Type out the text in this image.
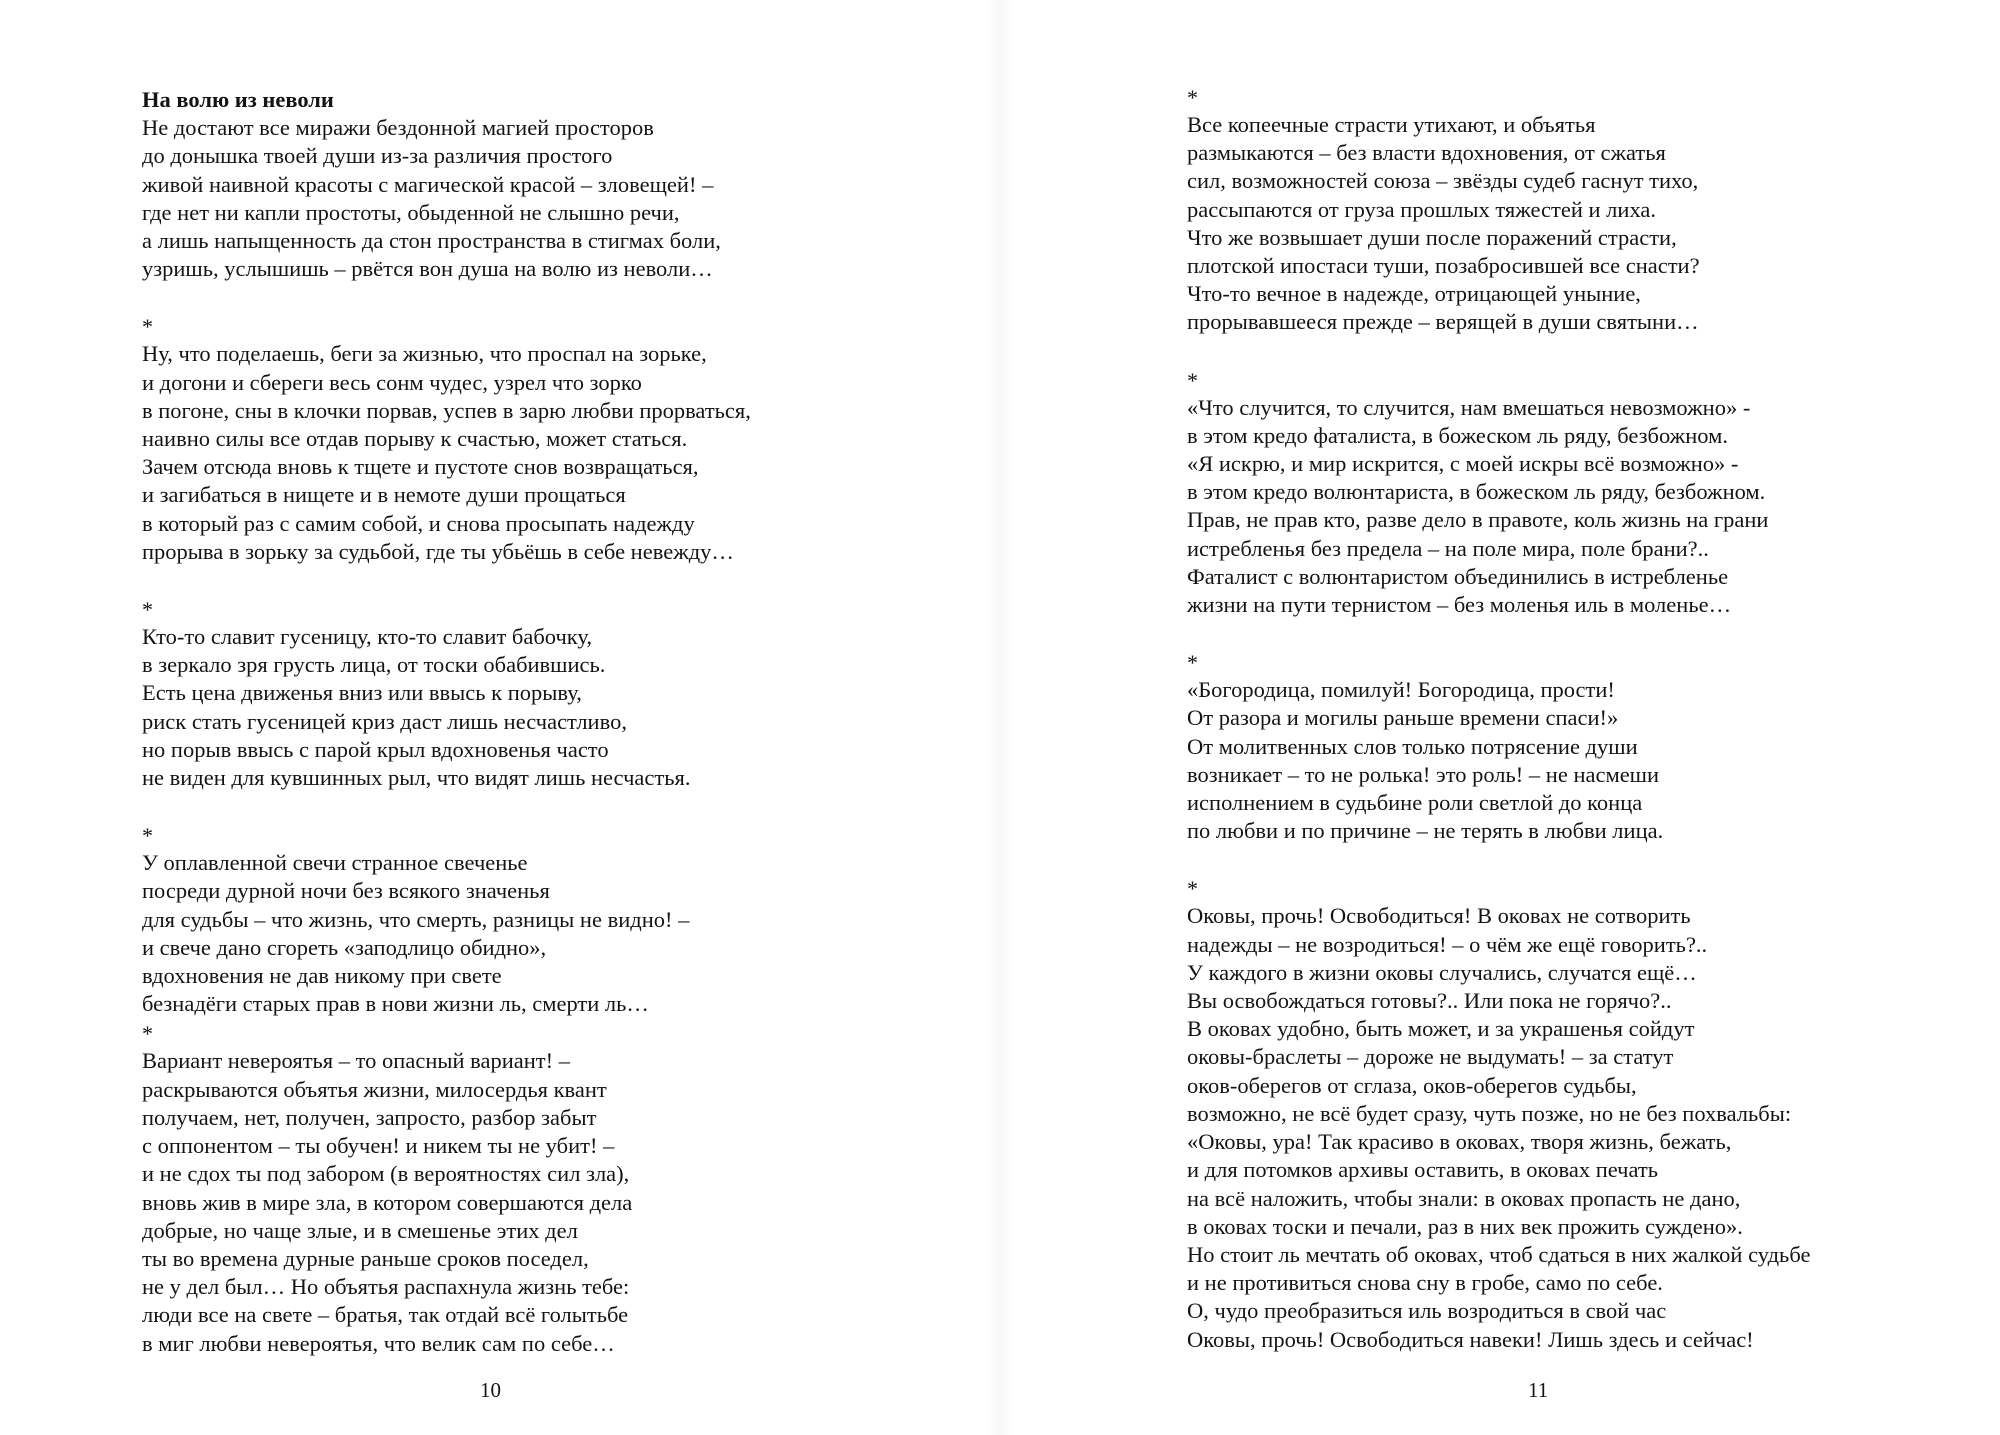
На волю из неволи
Не достают все миражи бездонной магией просторов
до донышка твоей души из-за различия простого
живой наивной красоты с магической красой – зловещей! –
где нет ни капли простоты, обыденной не слышно речи,
а лишь напыщенность да стон пространства в стигмах боли,
узришь, услышишь – рвётся вон душа на волю из неволи…
*
Ну, что поделаешь, беги за жизнью, что проспал на зорьке,
и догони и сбереги весь сонм чудес, узрел что зорко
в погоне, сны в клочки порвав, успев в зарю любви прорваться,
наивно силы все отдав порыву к счастью, может статься.
Зачем отсюда вновь к тщете и пустоте снов возвращаться,
и загибаться в нищете и в немоте души прощаться
в который раз с самим собой, и снова просыпать надежду
прорыва в зорьку за судьбой, где ты убьёшь в себе невежду…
*
Кто-то славит гусеницу, кто-то славит бабочку,
в зеркало зря грусть лица, от тоски обабившись.
Есть цена движенья вниз или ввысь к порыву,
риск стать гусеницей криз даст лишь несчастливо,
но порыв ввысь с парой крыл вдохновенья часто
не виден для кувшинных рыл, что видят лишь несчастья.
*
У оплавленной свечи странное свеченье
посреди дурной ночи без всякого значенья
для судьбы – что жизнь, что смерть, разницы не видно! –
и свече дано сгореть «заподлицо обидно»,
вдохновения не дав никому при свете
безнадёги старых прав в нови жизни ль, смерти ль…
*
Вариант невероятья – то опасный вариант! –
раскрываются объятья жизни, милосердья квант
получаем, нет, получен, запросто, разбор забыт
с оппонентом – ты обучен! и никем ты не убит! –
и не сдох ты под забором (в вероятностях сил зла),
вновь жив в мире зла, в котором совершаются дела
добрые, но чаще злые, и в смешенье этих дел
ты во времена дурные раньше сроков поседел,
не у дел был… Но объятья распахнула жизнь тебе:
люди все на свете – братья, так отдай всё голытьбе
в миг любви невероятья, что велик сам по себе…
10
*
Все копеечные страсти утихают, и объятья
размыкаются – без власти вдохновения, от сжатья
сил, возможностей союза – звёзды судеб гаснут тихо,
рассыпаются от груза прошлых тяжестей и лиха.
Что же возвышает души после поражений страсти,
плотской ипостаси туши, позабросившей все снасти?
Что-то вечное в надежде, отрицающей уныние,
прорывавшееся прежде – верящей в души святыни…
*
«Что случится, то случится, нам вмешаться невозможно» -
в этом кредо фаталиста, в божеском ль ряду, безбожном.
«Я искрю, и мир искрится, с моей искры всё возможно» -
в этом кредо волюнтариста, в божеском ль ряду, безбожном.
Прав, не прав кто, разве дело в правоте, коль жизнь на грани
истребленья без предела – на поле мира, поле брани?..
Фаталист с волюнтаристом объединились в истребленье
жизни на пути тернистом – без моленья иль в моленье…
*
«Богородица, помилуй! Богородица, прости!
От разора и могилы раньше времени спаси!»
От молитвенных слов только потрясение души
возникает – то не ролька! это роль! – не насмеши
исполнением в судьбине роли светлой до конца
по любви и по причине – не терять в любви лица.
*
Оковы, прочь! Освободиться! В оковах не сотворить
надежды – не возродиться! – о чём же ещё говорить?..
У каждого в жизни оковы случались, случатся ещё…
Вы освобождаться готовы?.. Или пока не горячо?..
В оковах удобно, быть может, и за украшенья сойдут
оковы-браслеты – дороже не выдумать! – за статут
оков-оберегов от сглаза, оков-оберегов судьбы,
возможно, не всё будет сразу, чуть позже, но не без похвальбы:
«Оковы, ура! Так красиво в оковах, творя жизнь, бежать,
и для потомков архивы оставить, в оковах печать
на всё наложить, чтобы знали: в оковах пропасть не дано,
в оковах тоски и печали, раз в них век прожить суждено».
Но стоит ль мечтать об оковах, чтоб сдаться в них жалкой судьбе
и не противиться снова сну в гробе, само по себе.
О, чудо преобразиться иль возродиться в свой час
Оковы, прочь! Освободиться навеки! Лишь здесь и сейчас!
11
